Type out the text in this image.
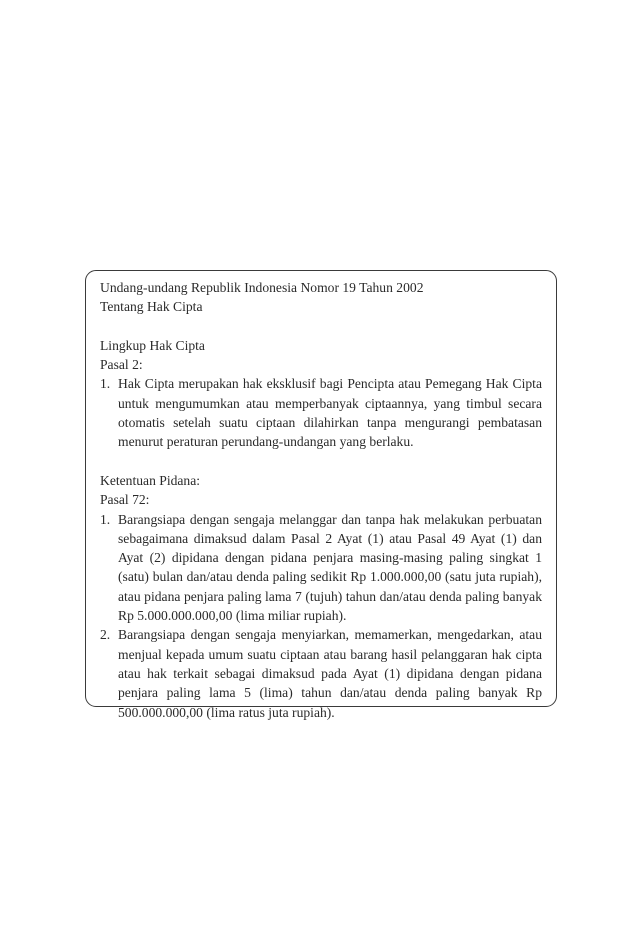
Undang-undang Republik Indonesia Nomor 19 Tahun 2002

Tentang Hak Cipta

Lingkup Hak Cipta

Pasal 2:

1. Hak Cipta merupakan hak eksklusif bagi Pencipta atau Pemegang Hak Cipta untuk mengumumkan atau memperbanyak ciptaannya, yang timbul secara otomatis setelah suatu ciptaan dilahirkan tanpa mengurangi pembatasan menurut peraturan perundang-undangan yang berlaku.

Ketentuan Pidana:

Pasal 72:

1. Barangsiapa dengan sengaja melanggar dan tanpa hak melakukan perbuatan sebagaimana dimaksud dalam Pasal 2 Ayat (1) atau Pasal 49 Ayat (1) dan Ayat (2) dipidana dengan pidana penjara masing-masing paling singkat 1 (satu) bulan dan/atau denda paling sedikit Rp 1.000.000,00 (satu juta rupiah), atau pidana penjara paling lama 7 (tujuh) tahun dan/atau denda paling banyak Rp 5.000.000.000,00 (lima miliar rupiah).
2. Barangsiapa dengan sengaja menyiarkan, memamerkan, mengedarkan, atau menjual kepada umum suatu ciptaan atau barang hasil pelanggaran hak cipta atau hak terkait sebagai dimaksud pada Ayat (1) dipidana dengan pidana penjara paling lama 5 (lima) tahun dan/atau denda paling banyak Rp 500.000.000,00 (lima ratus juta rupiah).
